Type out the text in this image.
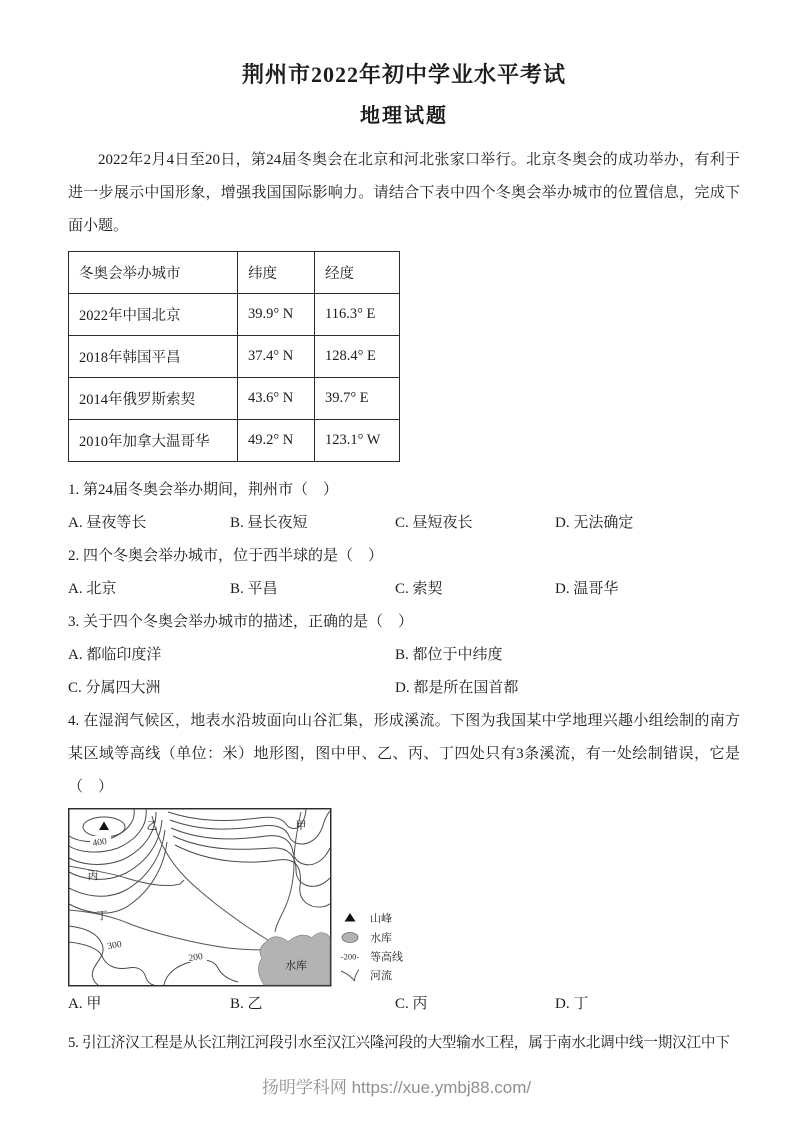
荆州市2022年初中学业水平考试
地理试题

2022年2月4日至20日，第24届冬奥会在北京和河北张家口举行。北京冬奥会的成功举办，有利于进一步展示中国形象，增强我国国际影响力。请结合下表中四个冬奥会举办城市的位置信息，完成下面小题。

冬奥会举办城市	纬度	经度
2022年中国北京	39.9° N	116.3° E
2018年韩国平昌	37.4° N	128.4° E
2014年俄罗斯索契	43.6° N	39.7° E
2010年加拿大温哥华	49.2° N	123.1° W

1. 第24届冬奥会举办期间，荆州市（　）

A. 昼夜等长	B. 昼长夜短	C. 昼短夜长	D. 无法确定

2. 四个冬奥会举办城市，位于西半球的是（　）

A. 北京	B. 平昌	C. 索契	D. 温哥华

3. 关于四个冬奥会举办城市的描述，正确的是（　）

A. 都临印度洋	B. 都位于中纬度
C. 分属四大洲	D. 都是所在国首都

4. 在湿润气候区，地表水沿坡面向山谷汇集，形成溪流。下图为我国某中学地理兴趣小组绘制的南方某区域等高线（单位：米）地形图，图中甲、乙、丙、丁四处只有3条溪流，有一处绘制错误，它是（　）

水库
400
300
200
甲
乙
丙
丁	山峰
水库
-200- 等高线
河流
A. 甲	B. 乙	C. 丙	D. 丁

5. 引江济汉工程是从长江荆江河段引水至汉江兴隆河段的大型输水工程，属于南水北调中线一期汉江中下

扬明学科网 https://xue.ymbj88.com/
